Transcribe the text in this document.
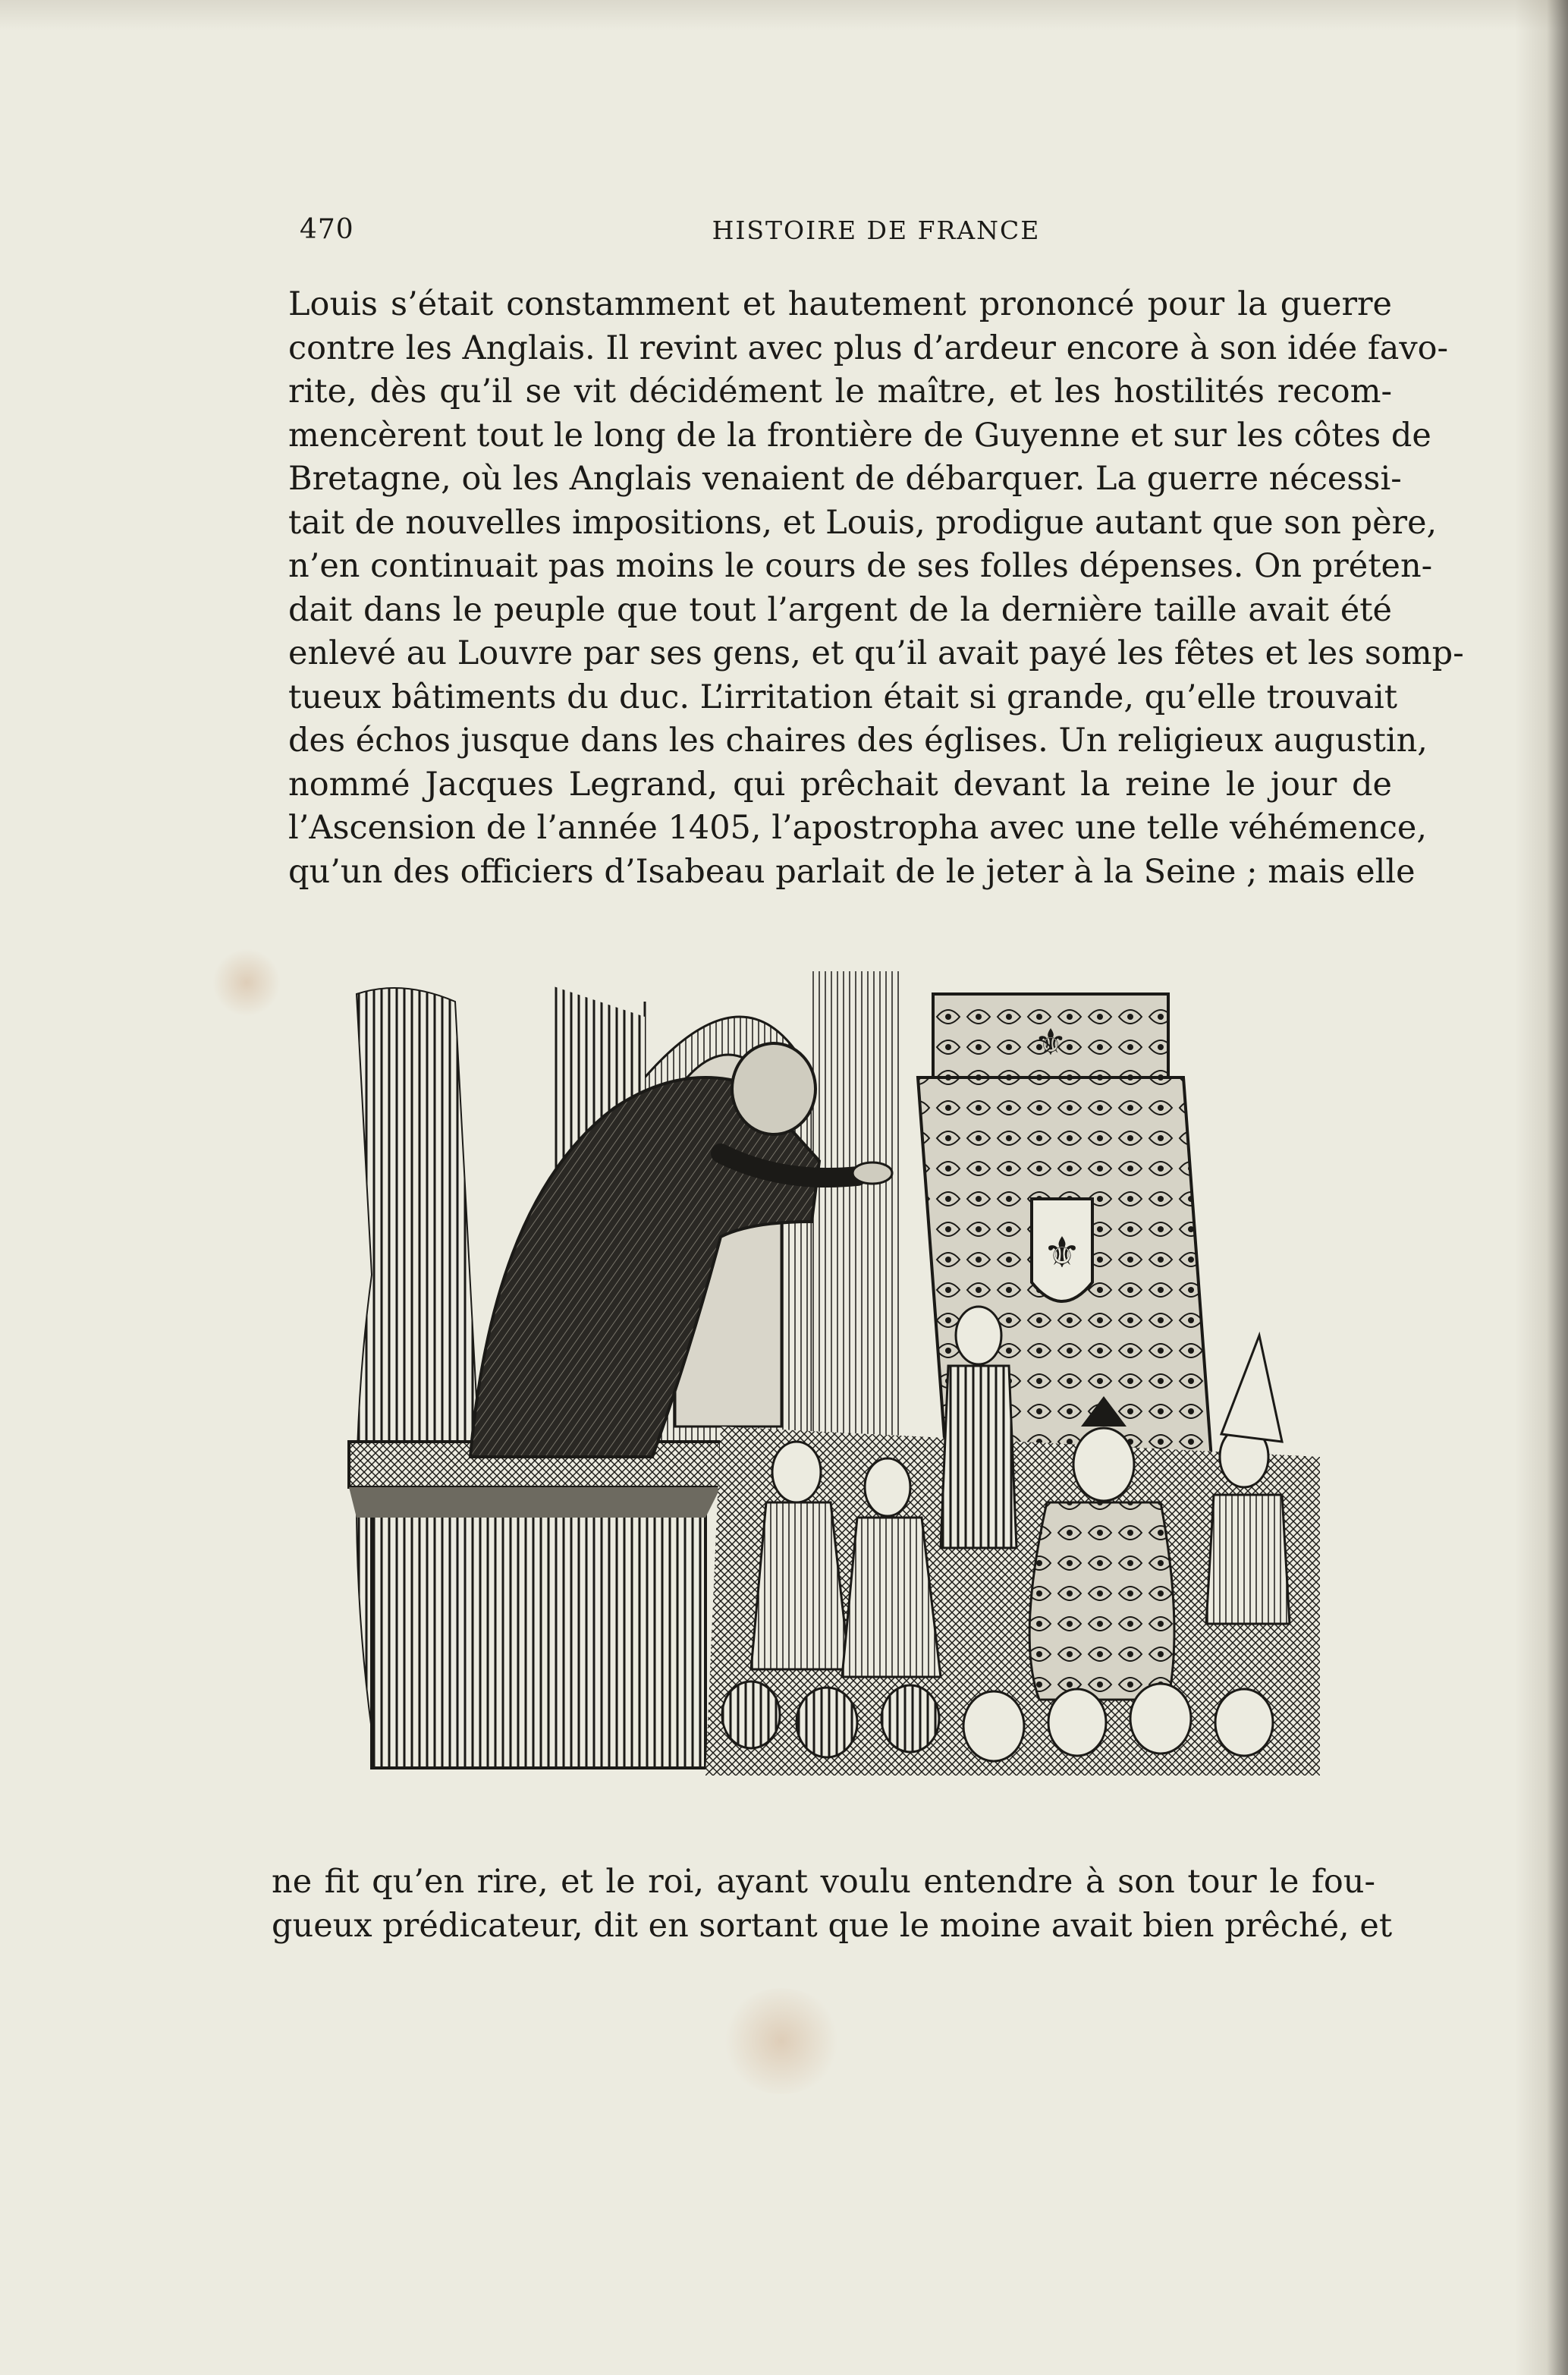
470	HISTOIRE DE FRANCE
Louis s’était constamment et hautement prononcé pour la guerre
contre les Anglais. Il revint avec plus d’ardeur encore à son idée favo-
rite, dès qu’il se vit décidément le maître, et les hostilités recom-
mencèrent tout le long de la frontière de Guyenne et sur les côtes de
Bretagne, où les Anglais venaient de débarquer. La guerre nécessi-
tait de nouvelles impositions, et Louis, prodigue autant que son père,
n’en continuait pas moins le cours de ses folles dépenses. On préten-
dait dans le peuple que tout l’argent de la dernière taille avait été
enlevé au Louvre par ses gens, et qu’il avait payé les fêtes et les somp-
tueux bâtiments du duc. L’irritation était si grande, qu’elle trouvait
des échos jusque dans les chaires des églises. Un religieux augustin,
nommé Jacques Legrand, qui prêchait devant la reine le jour de
l’Ascension de l’année 1405, l’apostropha avec une telle véhémence,
qu’un des officiers d’Isabeau parlait de le jeter à la Seine ; mais elle
⚜
⚜
ne fit qu’en rire, et le roi, ayant voulu entendre à son tour le fou-
gueux prédicateur, dit en sortant que le moine avait bien prêché, et
